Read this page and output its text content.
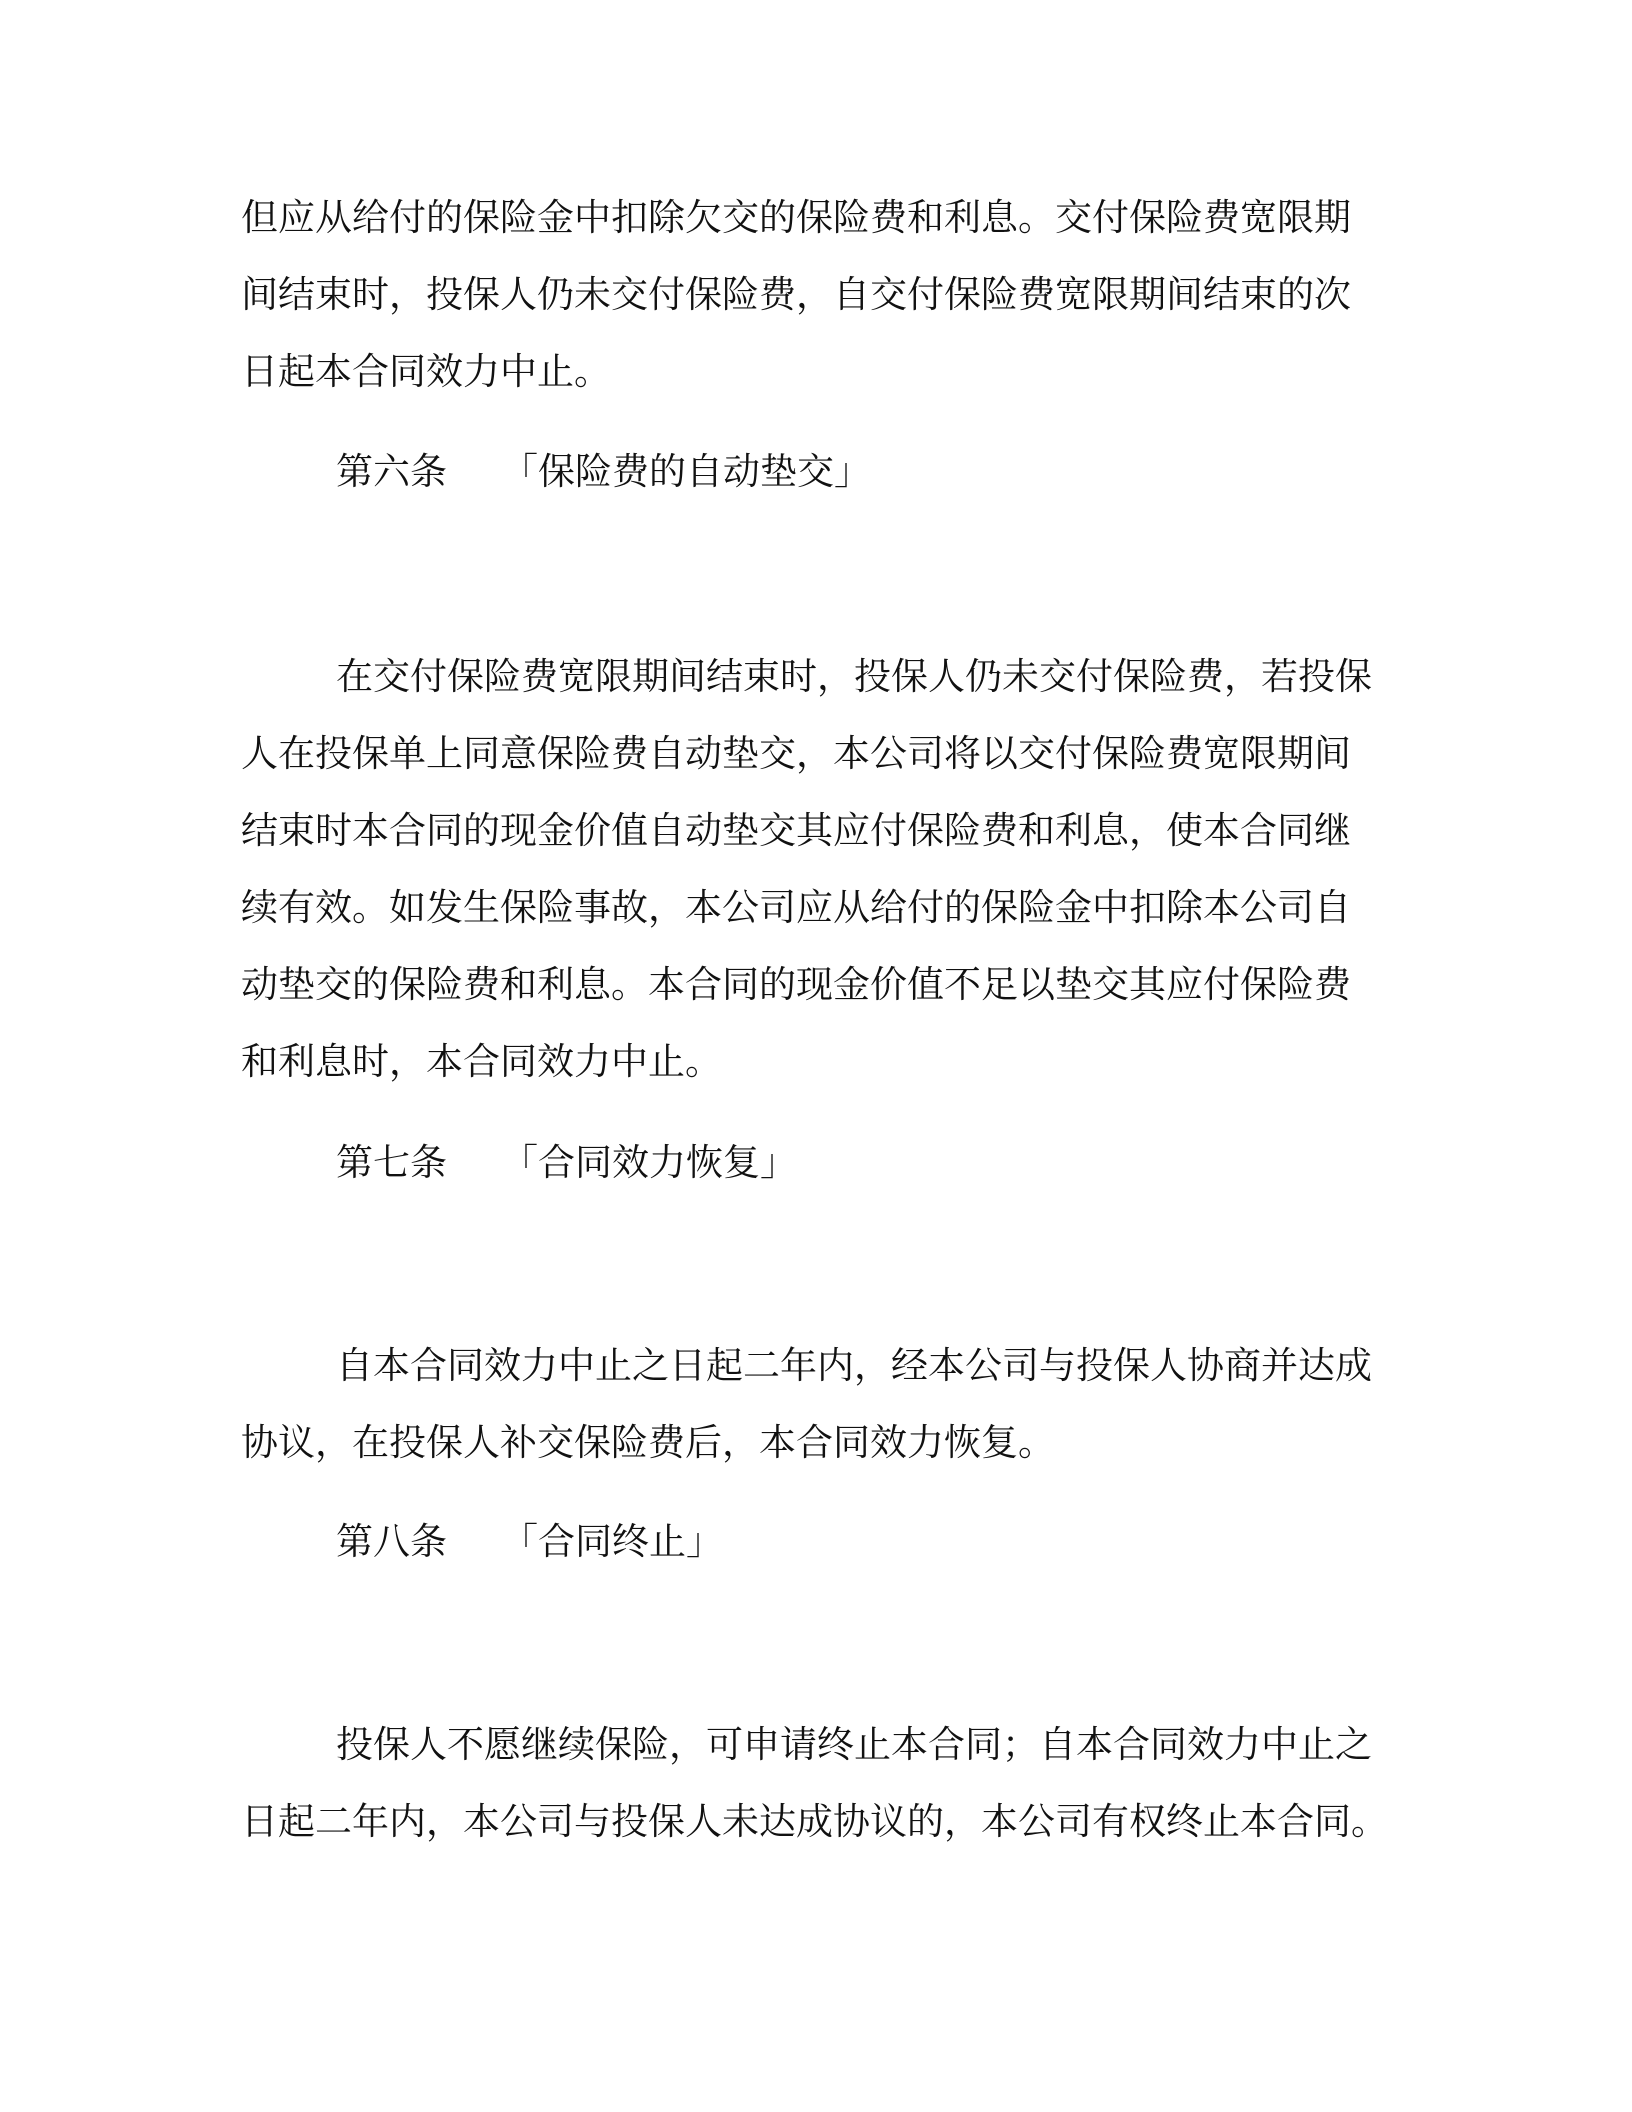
但应从给付的保险金中扣除欠交的保险费和利息。交付保险费宽限期
间结束时，投保人仍未交付保险费，自交付保险费宽限期间结束的次
日起本合同效力中止。
第六条 「保险费的自动垫交」
在交付保险费宽限期间结束时，投保人仍未交付保险费，若投保
人在投保单上同意保险费自动垫交，本公司将以交付保险费宽限期间
结束时本合同的现金价值自动垫交其应付保险费和利息，使本合同继
续有效。如发生保险事故，本公司应从给付的保险金中扣除本公司自
动垫交的保险费和利息。本合同的现金价值不足以垫交其应付保险费
和利息时，本合同效力中止。
第七条 「合同效力恢复」
自本合同效力中止之日起二年内，经本公司与投保人协商并达成
协议，在投保人补交保险费后，本合同效力恢复。
第八条 「合同终止」
投保人不愿继续保险，可申请终止本合同；自本合同效力中止之
日起二年内，本公司与投保人未达成协议的，本公司有权终止本合同。
